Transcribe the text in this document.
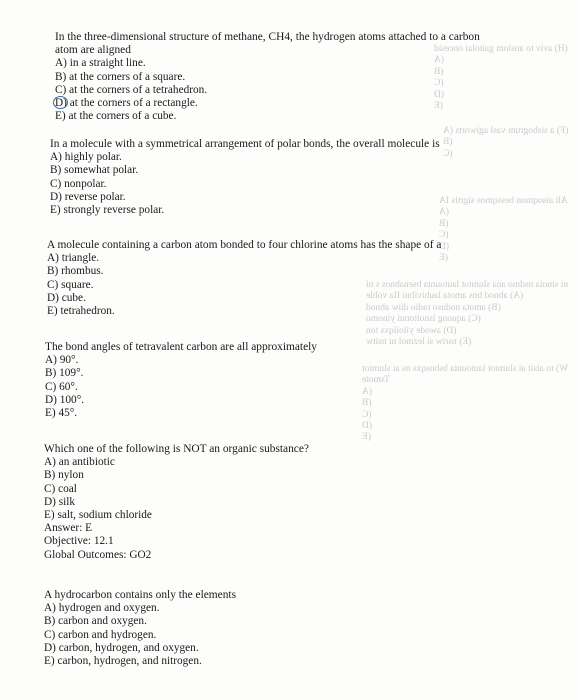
(H) aviv to ansiom gaitolai oncesid
(A
(B
(C
(D
(E
(F) a sisbogrum vasl agiworts (A
(B
(C
Ali aisoqmon bessqmos sigrtis IA
(A
(B
(C
(D
(E
ni smoia nsdmo ana slumtot lautounta bsenabnos s ni
(A) abnod bns amota laubivibni IIa vohle
(B) amota nodnso radio diiw abnod
(C) aquong lsnoitonui yinomo
(D) awode yiloilqxs ton
(E) nsriw si lezmol ni nsitw
W) to aisit ai slumtot lautounta bsbnsqxs ns ai slumtot
Tsmote
(A
(B
(C
(D
(E
In the three-dimensional structure of methane, CH4, the hydrogen atoms attached to a carbon
atom are aligned
A) in a straight line.
B) at the corners of a square.
C) at the corners of a tetrahedron.
D) at the corners of a rectangle.
E) at the corners of a cube.
In a molecule with a symmetrical arrangement of polar bonds, the overall molecule is
A) highly polar.
B) somewhat polar.
C) nonpolar.
D) reverse polar.
E) strongly reverse polar.
A molecule containing a carbon atom bonded to four chlorine atoms has the shape of a
A) triangle.
B) rhombus.
C) square.
D) cube.
E) tetrahedron.
The bond angles of tetravalent carbon are all approximately
A) 90°.
B) 109°.
C) 60°.
D) 100°.
E) 45°.
Which one of the following is NOT an organic substance?
A) an antibiotic
B) nylon
C) coal
D) silk
E) salt, sodium chloride
Answer: E
Objective: 12.1
Global Outcomes: GO2
A hydrocarbon contains only the elements
A) hydrogen and oxygen.
B) carbon and oxygen.
C) carbon and hydrogen.
D) carbon, hydrogen, and oxygen.
E) carbon, hydrogen, and nitrogen.
